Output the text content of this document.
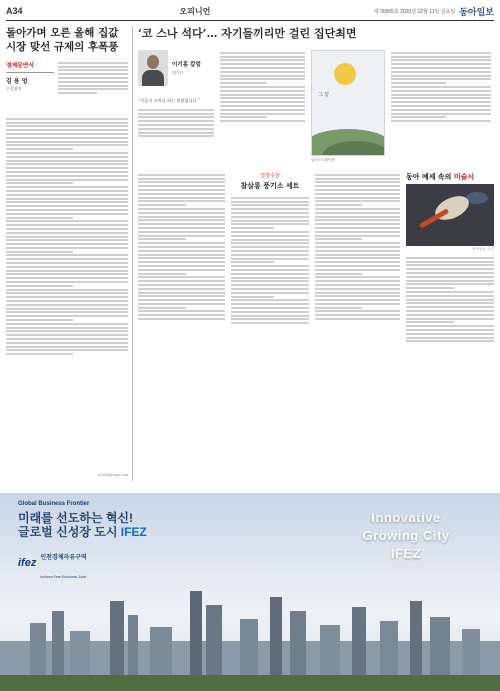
A34	오피니언	제 30905호 2020년 12월 11일 금요일 동아일보
돌아가며 오른 올해 집값
시장 맞선 규제의 후폭풍
경제문연식
김 용 엉
논설위원
hchoi@donga.com
‘코 스나 석다’… 자기들끼리만 걸린 집단최면
이기홍 칼럼
대기자
“이들이 고치나 하는 말씀입니다.”
그 달
일러스트레이션
열정수상
참살롱 풍기소 세트
동아 예세 속의 미술시
동아일보 사진
Global Business Frontier
미래를 선도하는 혁신!
글로벌 신성장 도시 IFEZ
ifez 인천경제자유구역
Incheon Free Economic Zone
Innovative
Growing City
IFEZ
